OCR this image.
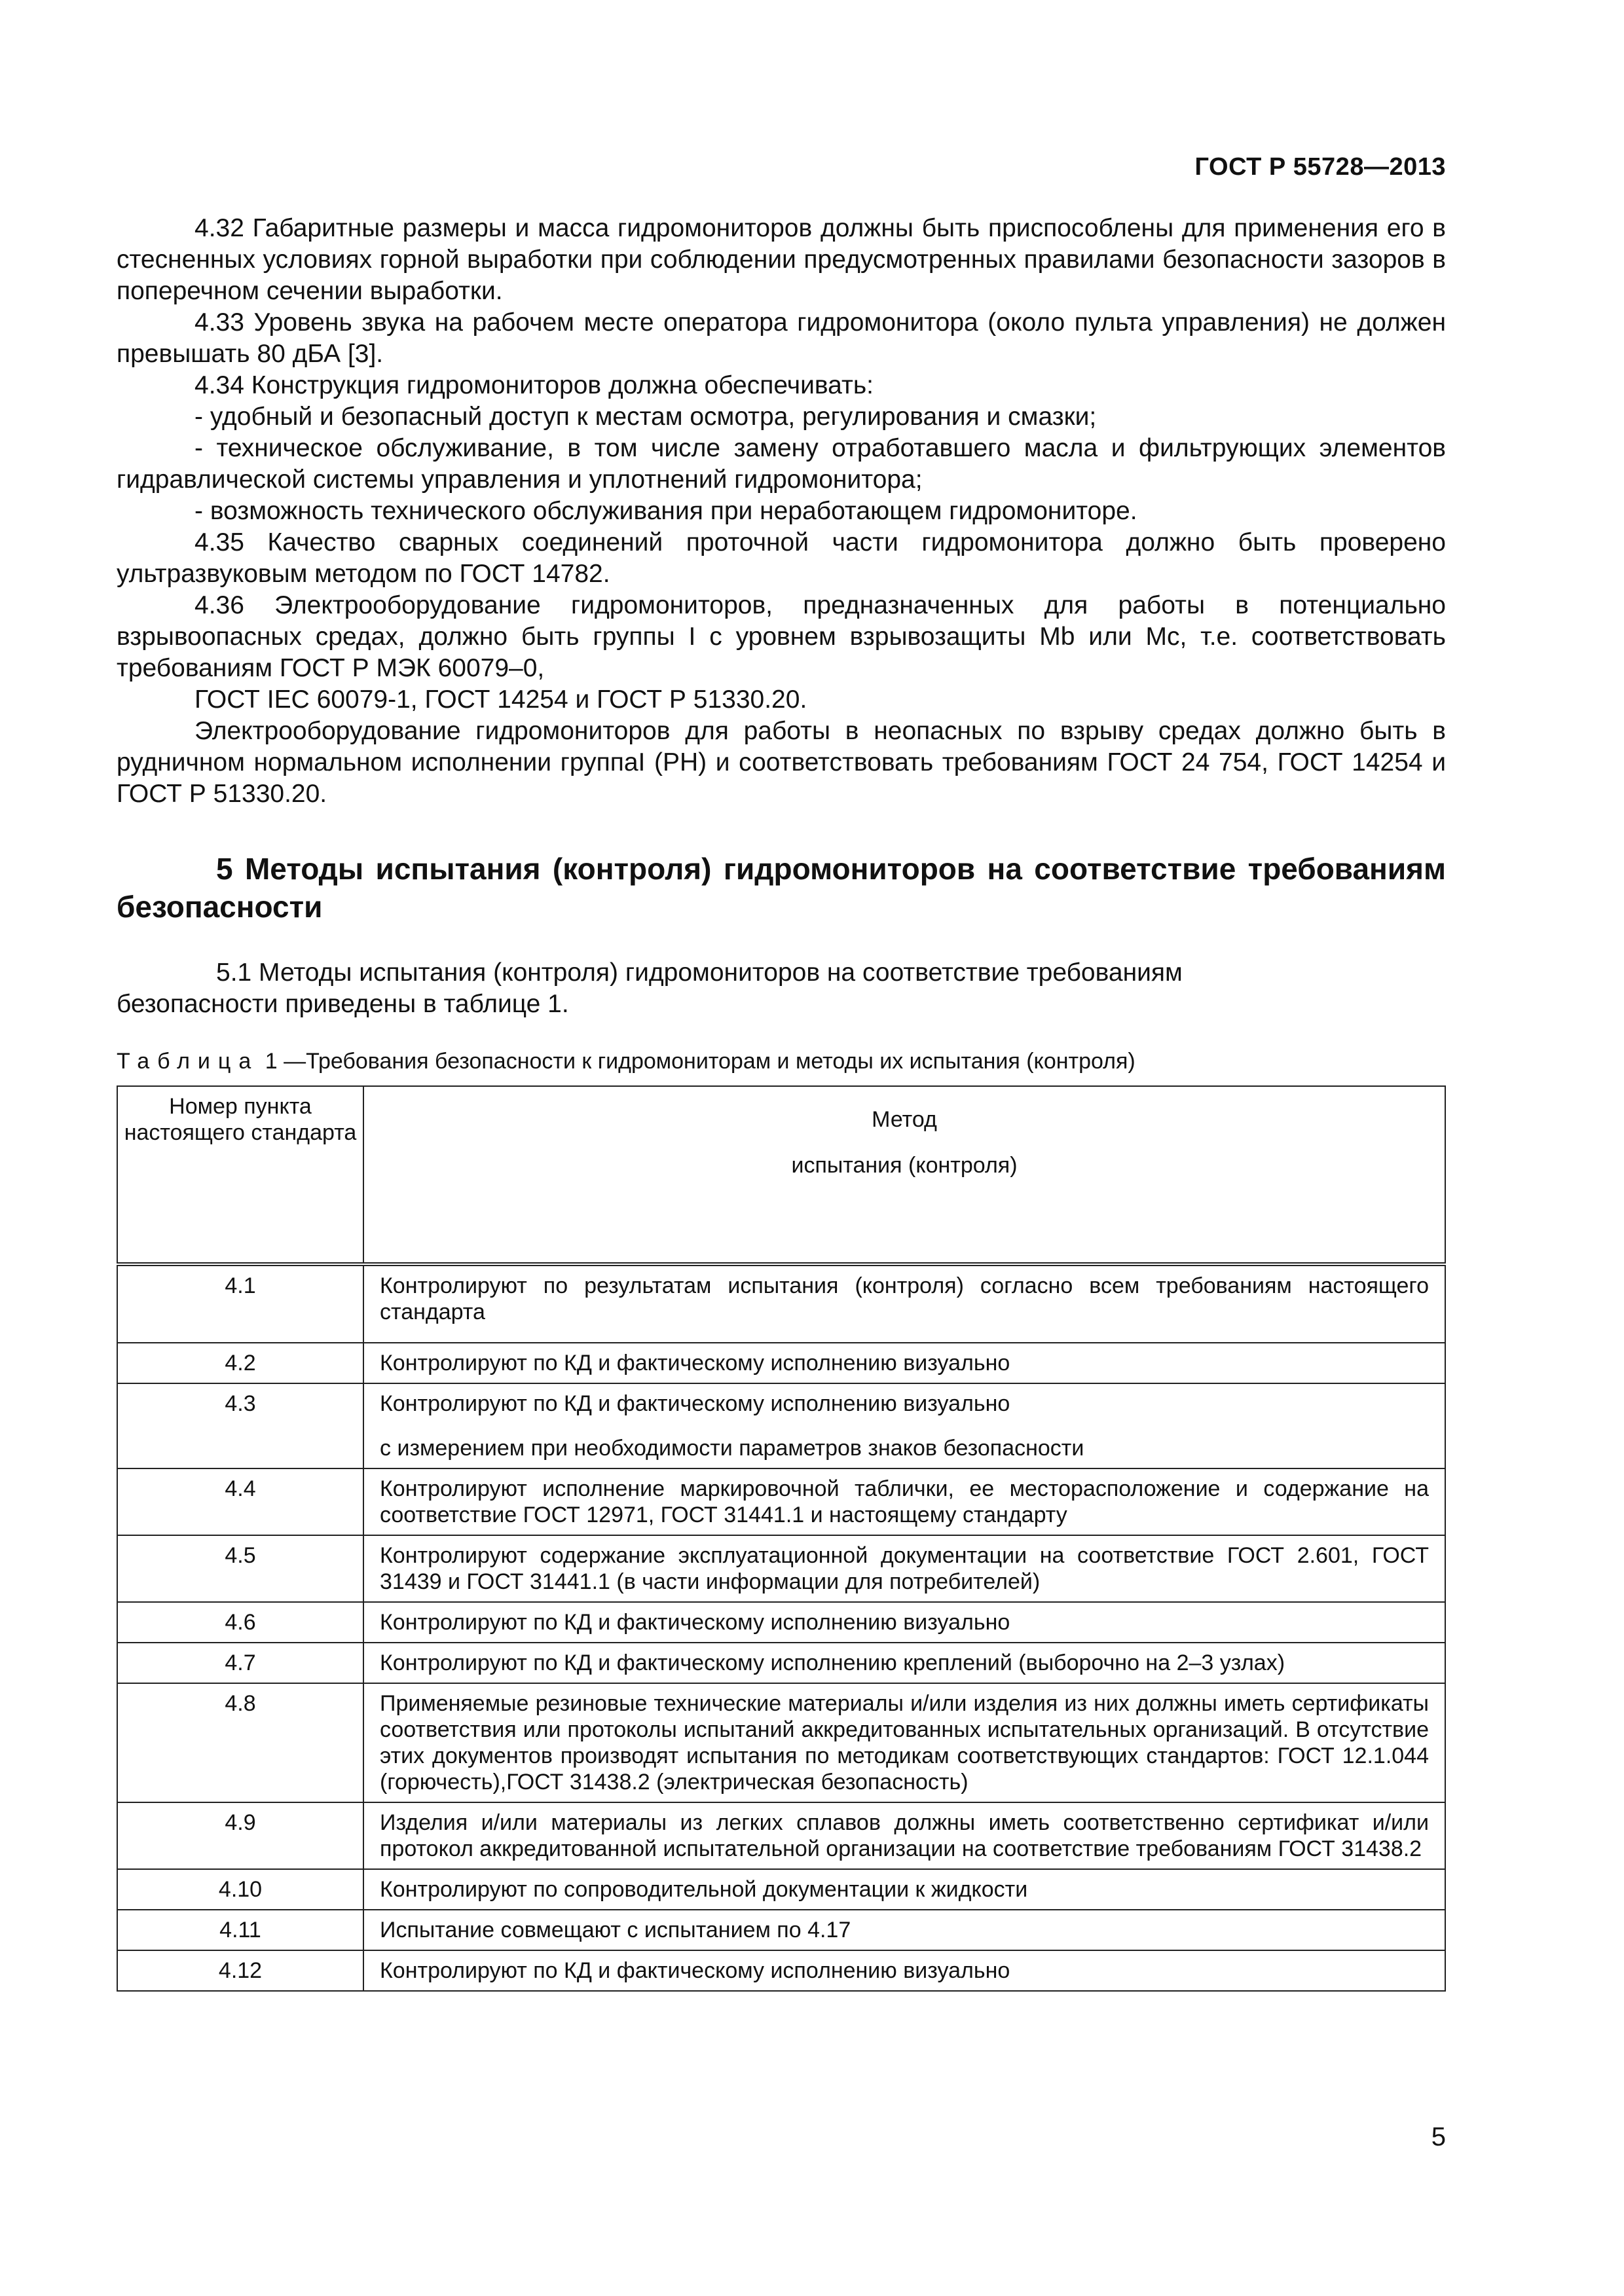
ГОСТ Р 55728—2013

4.32 Габаритные размеры и масса гидромониторов должны быть приспособлены для применения его в стесненных условиях горной выработки при соблюдении предусмотренных правилами безопасности зазоров в поперечном сечении выработки.

4.33 Уровень звука на рабочем месте оператора гидромонитора (около пульта управления) не должен превышать 80 дБА [3].

4.34 Конструкция гидромониторов должна обеспечивать:

- удобный и безопасный доступ к местам осмотра, регулирования и смазки;

- техническое обслуживание, в том числе замену отработавшего масла и фильтрующих элементов гидравлической системы управления и уплотнений гидромонитора;

- возможность технического обслуживания при неработающем гидромониторе.

4.35 Качество сварных соединений проточной части гидромонитора должно быть проверено ультразвуковым методом по ГОСТ 14782.

4.36 Электрооборудование гидромониторов, предназначенных для работы в потенциально взрывоопасных средах, должно быть группы I с уровнем взрывозащиты Mb или Mc, т.е. соответствовать требованиям ГОСТ Р МЭК 60079–0,

ГОСТ IEC 60079-1, ГОСТ 14254 и ГОСТ Р 51330.20.

Электрооборудование гидромониторов для работы в неопасных по взрыву средах должно быть в рудничном нормальном исполнении группаI (РН) и соответствовать требованиям ГОСТ 24 754, ГОСТ 14254 и ГОСТ Р 51330.20.

5 Методы испытания (контроля) гидромониторов на соответствие требованиям безопасности
5.1 Методы испытания (контроля) гидромониторов на соответствие требованиям безопасности приведены в таблице 1.
Таблица 1 —Требования безопасности к гидромониторам и методы их испытания (контроля)
Номер пункта настоящего стандарта	Метод
испытания (контроля)

4.1	Контролируют по результатам испытания (контроля) согласно всем требованиям настоящего стандарта
4.2	Контролируют по КД и фактическому исполнению визуально
4.3	Контролируют по КД и фактическому исполнению визуально
с измерением при необходимости параметров знаков безопасности

4.4	Контролируют исполнение маркировочной таблички, ее месторасположение и содержание на соответствие ГОСТ 12971, ГОСТ 31441.1 и настоящему стандарту
4.5	Контролируют содержание эксплуатационной документации на соответствие ГОСТ 2.601, ГОСТ 31439 и ГОСТ 31441.1 (в части информации для потребителей)
4.6	Контролируют по КД и фактическому исполнению визуально
4.7	Контролируют по КД и фактическому исполнению креплений (выборочно на 2–3 узлах)
4.8	Применяемые резиновые технические материалы и/или изделия из них должны иметь сертификаты соответствия или протоколы испытаний аккредитованных испытательных организаций. В отсутствие этих документов производят испытания по методикам соответствующих стандартов: ГОСТ 12.1.044 (горючесть),ГОСТ 31438.2 (электрическая безопасность)
4.9	Изделия и/или материалы из легких сплавов должны иметь соответственно сертификат и/или протокол аккредитованной испытательной организации на соответствие требованиям ГОСТ 31438.2
4.10	Контролируют по сопроводительной документации к жидкости
4.11	Испытание совмещают с испытанием по 4.17
4.12	Контролируют по КД и фактическому исполнению визуально
5
